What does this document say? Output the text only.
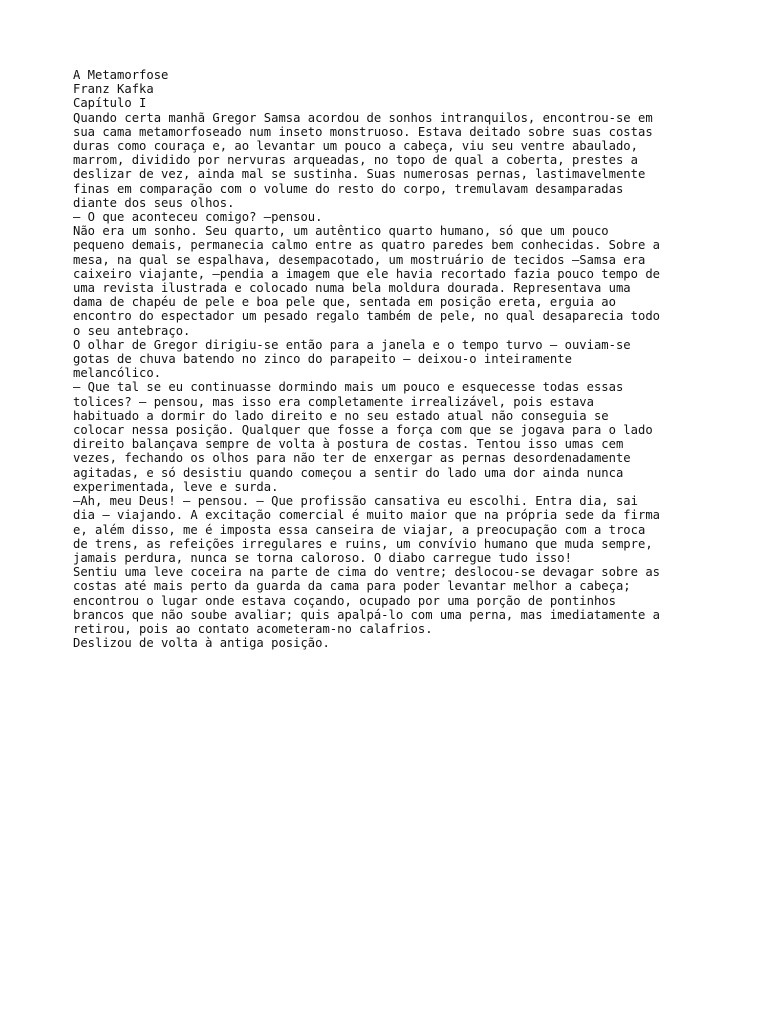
A Metamorfose
Franz Kafka
Capítulo I
Quando certa manhã Gregor Samsa acordou de sonhos intranquilos, encontrou-se em
sua cama metamorfoseado num inseto monstruoso. Estava deitado sobre suas costas
duras como couraça e, ao levantar um pouco a cabeça, viu seu ventre abaulado,
marrom, dividido por nervuras arqueadas, no topo de qual a coberta, prestes a
deslizar de vez, ainda mal se sustinha. Suas numerosas pernas, lastimavelmente
finas em comparação com o volume do resto do corpo, tremulavam desamparadas
diante dos seus olhos.
— O que aconteceu comigo? —pensou.
Não era um sonho. Seu quarto, um autêntico quarto humano, só que um pouco
pequeno demais, permanecia calmo entre as quatro paredes bem conhecidas. Sobre a
mesa, na qual se espalhava, desempacotado, um mostruário de tecidos —Samsa era
caixeiro viajante, —pendia a imagem que ele havia recortado fazia pouco tempo de
uma revista ilustrada e colocado numa bela moldura dourada. Representava uma
dama de chapéu de pele e boa pele que, sentada em posição ereta, erguia ao
encontro do espectador um pesado regalo também de pele, no qual desaparecia todo
o seu antebraço.
O olhar de Gregor dirigiu-se então para a janela e o tempo turvo — ouviam-se
gotas de chuva batendo no zinco do parapeito — deixou-o inteiramente
melancólico.
— Que tal se eu continuasse dormindo mais um pouco e esquecesse todas essas
tolices? — pensou, mas isso era completamente irrealizável, pois estava
habituado a dormir do lado direito e no seu estado atual não conseguia se
colocar nessa posição. Qualquer que fosse a força com que se jogava para o lado
direito balançava sempre de volta à postura de costas. Tentou isso umas cem
vezes, fechando os olhos para não ter de enxergar as pernas desordenadamente
agitadas, e só desistiu quando começou a sentir do lado uma dor ainda nunca
experimentada, leve e surda.
—Ah, meu Deus! — pensou. — Que profissão cansativa eu escolhi. Entra dia, sai
dia — viajando. A excitação comercial é muito maior que na própria sede da firma
e, além disso, me é imposta essa canseira de viajar, a preocupação com a troca
de trens, as refeições irregulares e ruins, um convívio humano que muda sempre,
jamais perdura, nunca se torna caloroso. O diabo carregue tudo isso!
Sentiu uma leve coceira na parte de cima do ventre; deslocou-se devagar sobre as
costas até mais perto da guarda da cama para poder levantar melhor a cabeça;
encontrou o lugar onde estava coçando, ocupado por uma porção de pontinhos
brancos que não soube avaliar; quis apalpá-lo com uma perna, mas imediatamente a
retirou, pois ao contato acometeram-no calafrios.
Deslizou de volta à antiga posição.
